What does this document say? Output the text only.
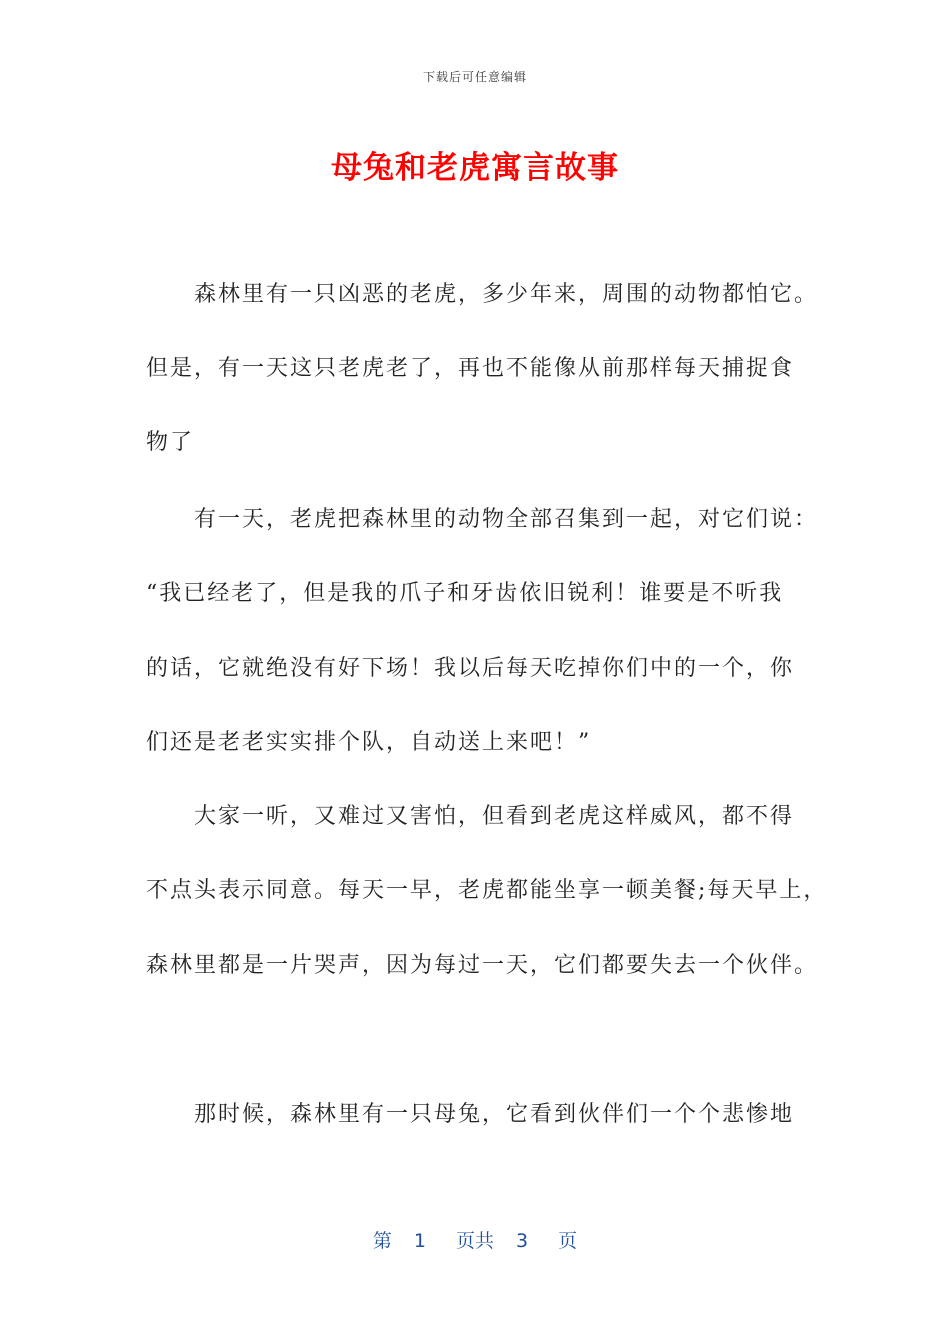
下载后可任意编辑
母兔和老虎寓言故事
森林里有一只凶恶的老虎，多少年来，周围的动物都怕它。
但是，有一天这只老虎老了，再也不能像从前那样每天捕捉食
物了
有一天，老虎把森林里的动物全部召集到一起，对它们说：
“我已经老了，但是我的爪子和牙齿依旧锐利！谁要是不听我
的话，它就绝没有好下场！我以后每天吃掉你们中的一个，你
们还是老老实实排个队，自动送上来吧！”
大家一听，又难过又害怕，但看到老虎这样威风，都不得
不点头表示同意。每天一早，老虎都能坐享一顿美餐;每天早上，
森林里都是一片哭声，因为每过一天，它们都要失去一个伙伴。
那时候，森林里有一只母兔，它看到伙伴们一个个悲惨地
第 1 页共 3 页
